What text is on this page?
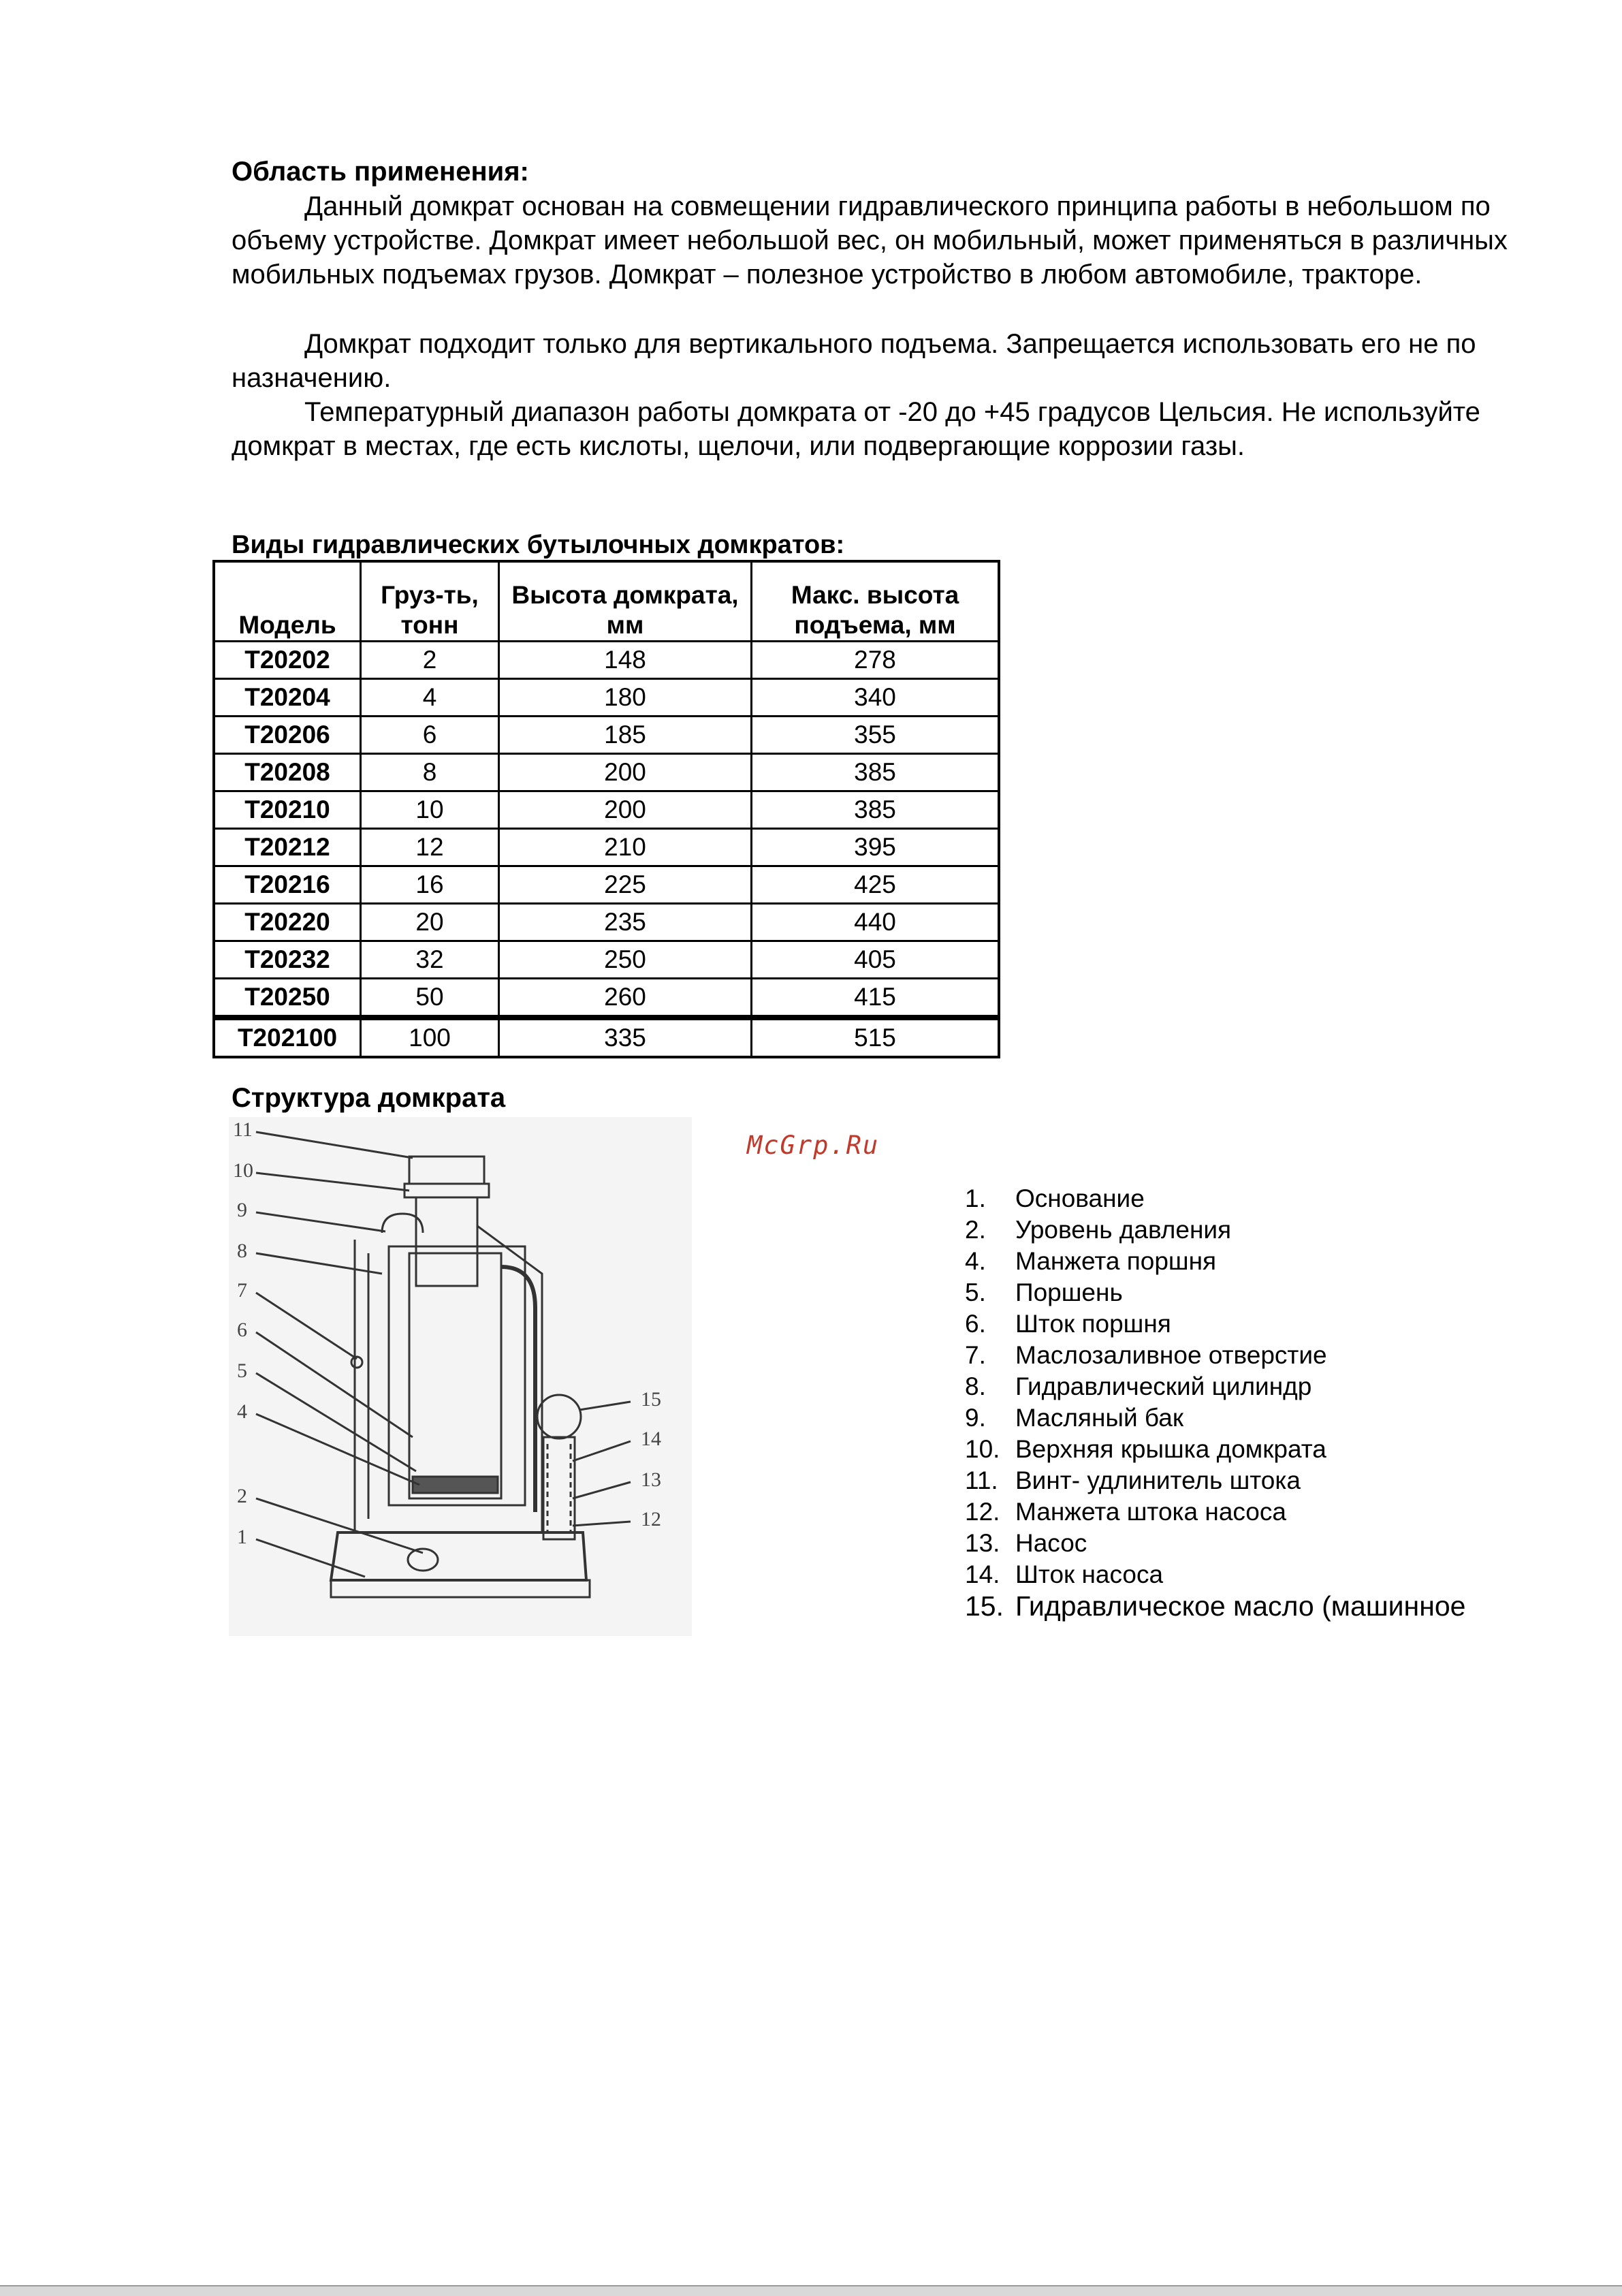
Область применения:

Данный домкрат основан на совмещении гидравлического принципа работы в небольшом по объему устройстве. Домкрат имеет небольшой вес, он мобильный, может применяться в различных мобильных подъемах грузов. Домкрат – полезное устройство в любом автомобиле, тракторе.

Домкрат подходит только для вертикального подъема. Запрещается использовать его не по назначению.

Температурный диапазон работы домкрата от -20 до +45 градусов Цельсия. Не используйте домкрат в местах, где есть кислоты, щелочи, или подвергающие коррозии газы.

Виды гидравлических бутылочных домкратов:
Модель	Груз-ть, тонн	Высота домкрата, мм	Макс. высота подъема, мм
T20202	2	148	278
T20204	4	180	340
T20206	6	185	355
T20208	8	200	385
T20210	10	200	385
T20212	12	210	395
T20216	16	225	425
T20220	20	235	440
T20232	32	250	405
T20250	50	260	415
T202100	100	335	515
Структура домкрата
McGrp.Ru
11
10
9
8
7
6
5
4
2
1
15
14
13
12
1. Основание
2. Уровень давления
4. Манжета поршня
5. Поршень
6. Шток поршня
7. Маслозаливное отверстие
8. Гидравлический цилиндр
9. Масляный бак
10. Верхняя крышка домкрата
11. Винт- удлинитель штока
12. Манжета штока насоса
13. Насос
14. Шток насоса
15. Гидравлическое масло (машинное
